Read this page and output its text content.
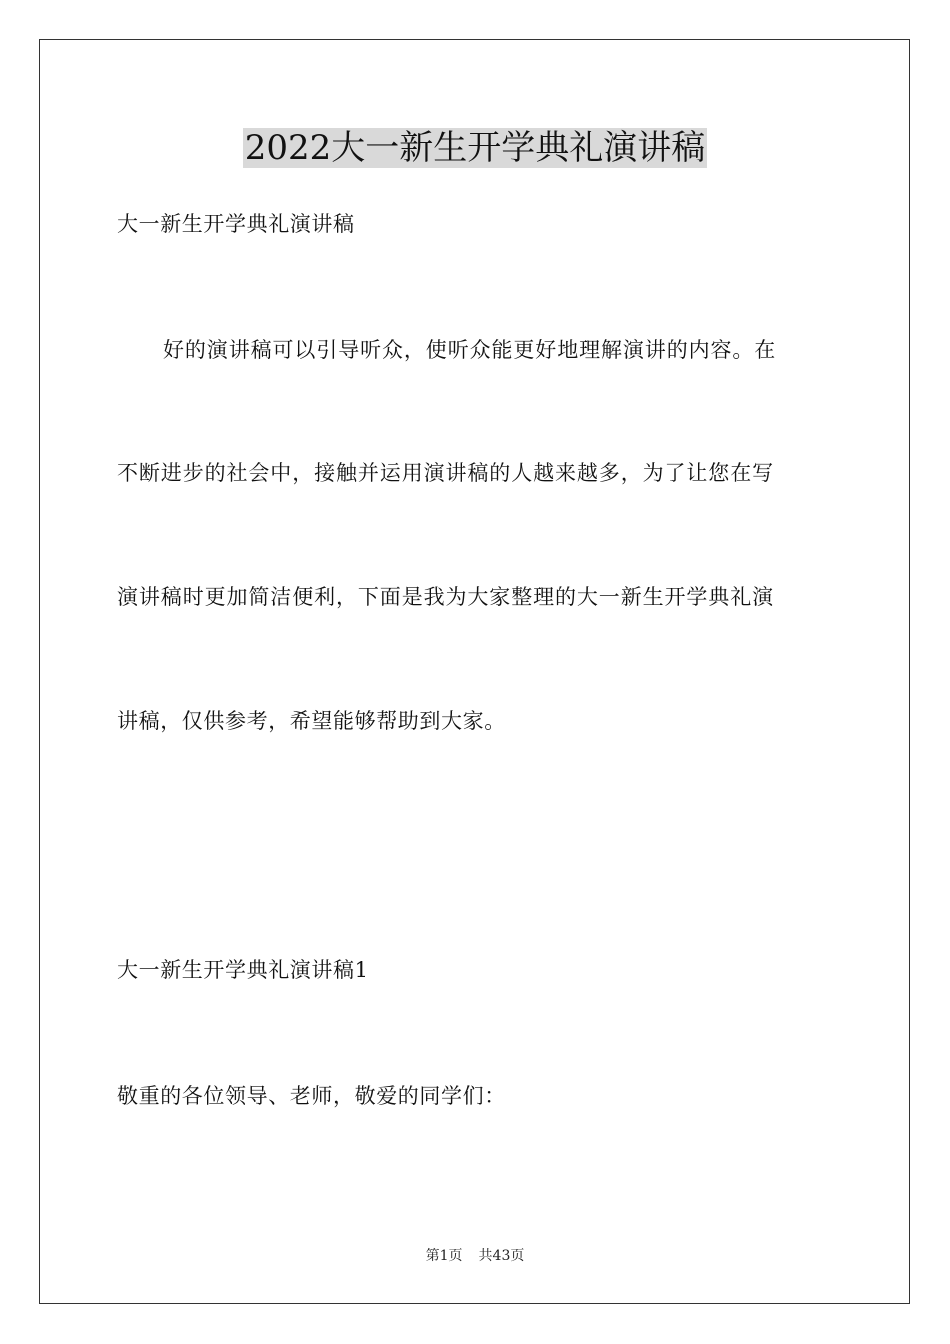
2022大一新生开学典礼演讲稿
大一新生开学典礼演讲稿
好的演讲稿可以引导听众，使听众能更好地理解演讲的内容。在
不断进步的社会中，接触并运用演讲稿的人越来越多，为了让您在写
演讲稿时更加简洁便利，下面是我为大家整理的大一新生开学典礼演
讲稿，仅供参考，希望能够帮助到大家。
大一新生开学典礼演讲稿1
敬重的各位领导、老师，敬爱的同学们：
第1页 共43页
